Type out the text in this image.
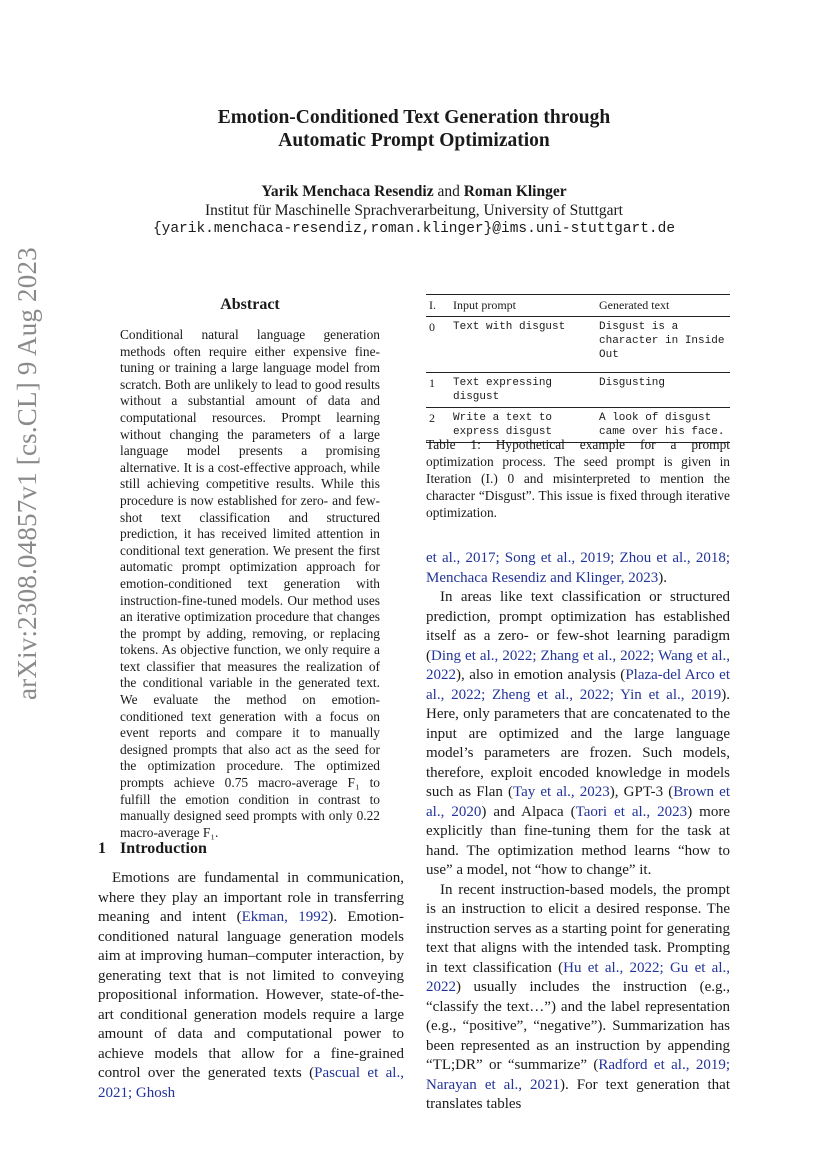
arXiv:2308.04857v1 [cs.CL] 9 Aug 2023
Emotion-Conditioned Text Generation through
Automatic Prompt Optimization
Yarik Menchaca Resendiz and Roman Klinger
Institut für Maschinelle Sprachverarbeitung, University of Stuttgart
{yarik.menchaca-resendiz,roman.klinger}@ims.uni-stuttgart.de
Abstract
Conditional natural language generation methods often require either expensive fine-tuning or training a large language model from scratch. Both are unlikely to lead to good results without a substantial amount of data and computational resources. Prompt learning without changing the parameters of a large language model presents a promising alternative. It is a cost-effective approach, while still achieving competitive results. While this procedure is now established for zero- and few-shot text classification and structured prediction, it has received limited attention in conditional text generation. We present the first automatic prompt optimization approach for emotion-conditioned text generation with instruction-fine-tuned models. Our method uses an iterative optimization procedure that changes the prompt by adding, removing, or replacing tokens. As objective function, we only require a text classifier that measures the realization of the conditional variable in the generated text. We evaluate the method on emotion-conditioned text generation with a focus on event reports and compare it to manually designed prompts that also act as the seed for the optimization procedure. The optimized prompts achieve 0.75 macro-average F₁ to fulfill the emotion condition in contrast to manually designed seed prompts with only 0.22 macro-average F₁.
1 Introduction

Emotions are fundamental in communication, where they play an important role in transferring meaning and intent (Ekman, 1992). Emotion-conditioned natural language generation models aim at improving human–computer interaction, by generating text that is not limited to conveying propositional information. However, state-of-the-art conditional generation models require a large amount of data and computational power to achieve models that allow for a fine-grained control over the generated texts (Pascual et al., 2021; Ghosh

I.	Input prompt	Generated text
0	Text with disgust	Disgust is a character in Inside Out
1	Text expressing disgust	Disgusting
2	Write a text to express disgust	A look of disgust came over his face.
Table 1: Hypothetical example for a prompt optimization process. The seed prompt is given in Iteration (I.) 0 and misinterpreted to mention the character “Disgust”. This issue is fixed through iterative optimization.

et al., 2017; Song et al., 2019; Zhou et al., 2018; Menchaca Resendiz and Klinger, 2023).

In areas like text classification or structured prediction, prompt optimization has established itself as a zero- or few-shot learning paradigm (Ding et al., 2022; Zhang et al., 2022; Wang et al., 2022), also in emotion analysis (Plaza-del Arco et al., 2022; Zheng et al., 2022; Yin et al., 2019). Here, only parameters that are concatenated to the input are optimized and the large language model’s parameters are frozen. Such models, therefore, exploit encoded knowledge in models such as Flan (Tay et al., 2023), GPT-3 (Brown et al., 2020) and Alpaca (Taori et al., 2023) more explicitly than fine-tuning them for the task at hand. The optimization method learns “how to use” a model, not “how to change” it.

In recent instruction-based models, the prompt is an instruction to elicit a desired response. The instruction serves as a starting point for generating text that aligns with the intended task. Prompting in text classification (Hu et al., 2022; Gu et al., 2022) usually includes the instruction (e.g., “classify the text…”) and the label representation (e.g., “positive”, “negative”). Summarization has been represented as an instruction by appending “TL;DR” or “summarize” (Radford et al., 2019; Narayan et al., 2021). For text generation that translates tables
